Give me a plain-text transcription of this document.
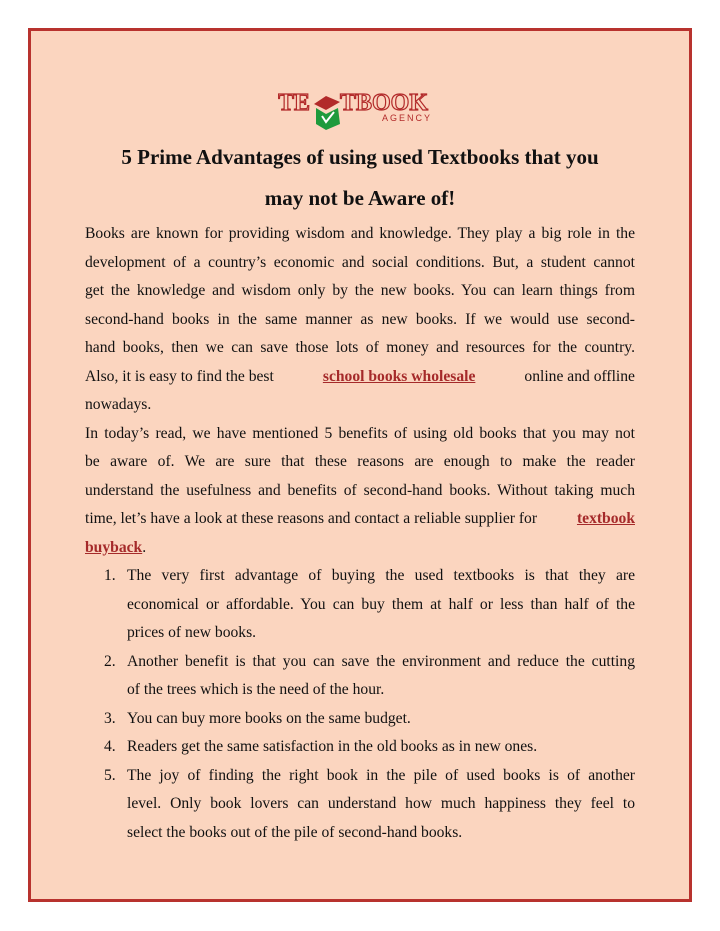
TE TBOOK
AGENCY
5 Prime Advantages of using used Textbooks that you
may not be Aware of!
Books are known for providing wisdom and knowledge. They play a big role in the
development of a country’s economic and social conditions. But, a student cannot
get the knowledge and wisdom only by the new books. You can learn things from
second-hand books in the same manner as new books. If we would use second-
hand books, then we can save those lots of money and resources for the country.
Also, it is easy to find the best	school books wholesale	online and offline
nowadays.
In today’s read, we have mentioned 5 benefits of using old books that you may not
be aware of. We are sure that these reasons are enough to make the reader
understand the usefulness and benefits of second-hand books. Without taking much
time, let’s have a look at these reasons and contact a reliable supplier for	textbook
buyback.
1. The very first advantage of buying the used textbooks is that they are
economical or affordable. You can buy them at half or less than half of the
prices of new books.
2. Another benefit is that you can save the environment and reduce the cutting
of the trees which is the need of the hour.
3. You can buy more books on the same budget.
4. Readers get the same satisfaction in the old books as in new ones.
5. The joy of finding the right book in the pile of used books is of another
level. Only book lovers can understand how much happiness they feel to
select the books out of the pile of second-hand books.
